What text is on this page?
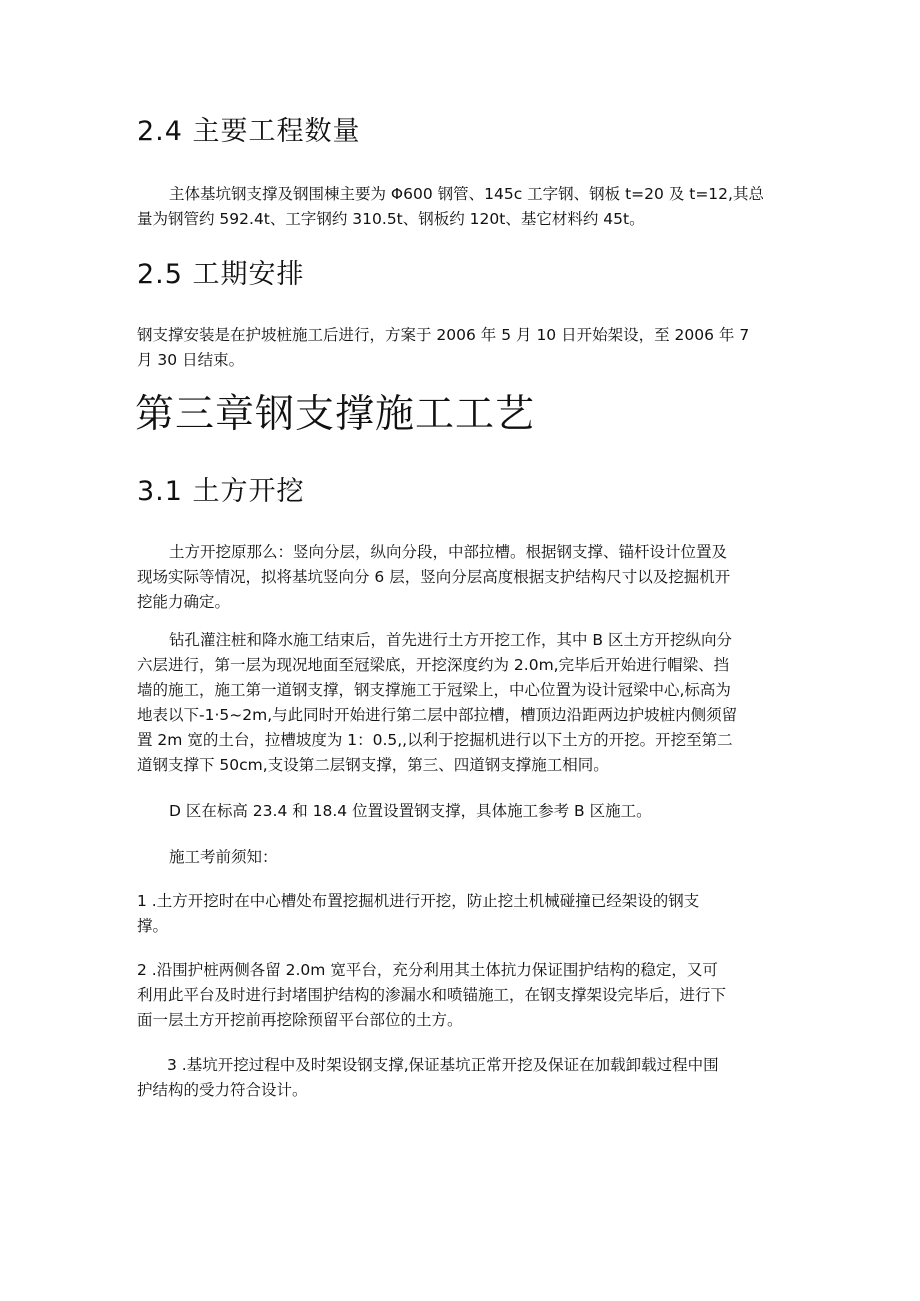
2.4 主要工程数量

主体基坑钢支撑及钢围棟主要为 Φ600 钢管、145c 工字钢、钢板 t=20 及 t=12,其总
量为钢管约 592.4t、工字钢约 310.5t、钢板约 120t、基它材料约 45t。

2.5 工期安排

钢支撑安装是在护坡桩施工后进行，方案于 2006 年 5 月 10 日开始架设，至 2006 年 7
月 30 日结束。

第三章钢支撑施工工艺
3.1 土方开挖

土方开挖原那么：竖向分层，纵向分段，中部拉槽。根据钢支撑、锚杆设计位置及
现场实际等情况，拟将基坑竖向分 6 层，竖向分层高度根据支护结构尺寸以及挖掘机开
挖能力确定。

钻孔灌注桩和降水施工结束后，首先进行土方开挖工作，其中 B 区土方开挖纵向分
六层进行，第一层为现况地面至冠梁底，开挖深度约为 2.0m,完毕后开始进行帽梁、挡
墙的施工，施工第一道钢支撑，钢支撑施工于冠梁上，中心位置为设计冠梁中心,标高为
地表以下-1·5~2m,与此同时开始进行第二层中部拉槽，槽顶边沿距两边护坡桩内侧须留
置 2m 宽的土台，拉槽坡度为 1：0.5,,以利于挖掘机进行以下土方的开挖。开挖至第二
道钢支撑下 50cm,支设第二层钢支撑，第三、四道钢支撑施工相同。

D 区在标高 23.4 和 18.4 位置设置钢支撑，具体施工参考 B 区施工。

施工考前须知：

1 .土方开挖时在中心槽处布置挖掘机进行开挖，防止挖土机械碰撞已经架设的钢支
撑。

2 .沿围护桩两侧各留 2.0m 宽平台，充分利用其土体抗力保证围护结构的稳定，又可
利用此平台及时进行封堵围护结构的渗漏水和喷锚施工，在钢支撑架设完毕后，进行下
面一层土方开挖前再挖除预留平台部位的土方。

3 .基坑开挖过程中及时架设钢支撑,保证基坑正常开挖及保证在加载卸载过程中围
护结构的受力符合设计。
